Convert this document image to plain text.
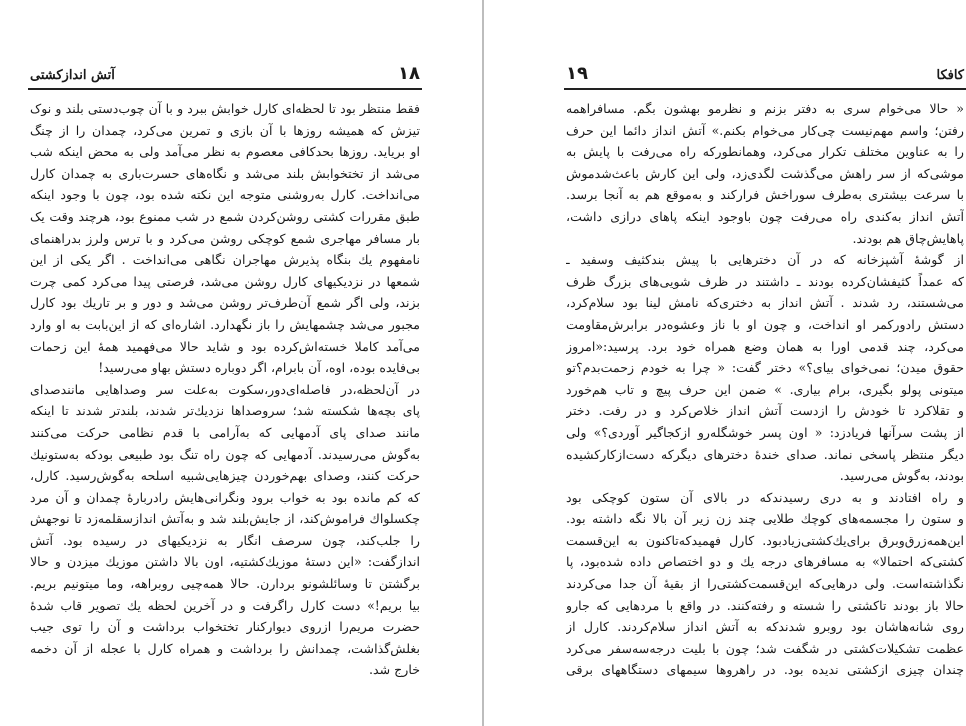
۱۸
آتش اندازکشتی
فقط منتظر بود تا لحظه‌ای کارل خوابش ببرد و با آن چوب‌دستی بلند و نوک
تیزش که همیشه روزها با آن بازی و تمرین می‌کرد، چمدان را از چنگ
او بریاید. روزها بحدکافی معصوم به نظر می‌آمد ولی به محض اینکه شب
می‌شد از تختخوابش بلند می‌شد و نگاه‌های حسرت‌باری به چمدان کارل
می‌انداخت. کارل به‌روشنی متوجه این نکته شده بود، چون با وجود اینکه
طبق مقررات کشتی روشن‌کردن شمع در شب ممنوع بود، هرچند وقت یک
بار مسافر مهاجری شمع کوچکی روشن می‌کرد و با ترس ولرز بدراهنمای
نامفهوم یك بنگاه پذیرش مهاجران نگاهی می‌انداخت . اگر یکی از این
شمعها در نزدیکیهای کارل روشن می‌شد، فرصتی پیدا می‌کرد کمی چرت
بزند، ولی اگر شمع آن‌طرف‌تر روشن می‌شد و دور و بر تاریك بود کارل
مجبور می‌شد چشمهایش را باز نگهدارد. اشاره‌ای که از این‌بابت به او وارد
می‌آمد کاملا خسته‌اش‌کرده بود و شاید حالا می‌فهمید همهٔ این زحمات
بی‌فایده بوده، اوه، آن بابرام، اگر دوباره دستش بهاو می‌رسید!
در آن‌لحظه،در فاصله‌ای‌دور،سکوت به‌علت سر وصداهایی مانند‌صدای
پای بچه‌ها شکسته شد؛ سروصداها نزدیك‌تر شدند، بلندتر شدند تا اینکه
مانند صدای پای آدمهایی که به‌آرامی با قدم نظامی حرکت می‌کنند
به‌گوش می‌رسیدند. آدمهایی که چون راه تنگ بود طبیعی بودکه به‌ستونیك
حرکت کنند، وصدای بهم‌خوردن چیزهایی‌شبیه اسلحه به‌گوش‌رسید. کارل،
که کم مانده بود به خواب برود ونگرانی‌هایش راد‌ربارهٔ چمدان و آن مرد
چکسلواك فراموش‌کند، از جایش‌بلند شد و به‌آتش اندازسقلمه‌زد تا نوجهش
را جلب‌کند، چون سرصف انگار به نزدیکیهای در رسیده بود. آتش‌
اندازگفت: «این دستهٔ موزیك‌کشتیه، اون بالا داشتن موزیك میزدن و حالا
برگشتن تا وسائلشونو بردارن. حالا همه‌چیی روبراهه، وما میتونیم بریم.
بیا بریم!» دست کارل راگرفت و در آخرین لحظه یك تصویر قاب شدهٔ
حضرت مریم‌را ازروی دیوارکنار تختخواب برداشت و آن را توی جیب
بغلش‌گذاشت، چمدانش را برداشت و همراه کارل با عجله از آن دخمه
خارج شد.
کافکا
۱۹
« حالا می‌خوام سری به دفتر بزنم و نظرمو بهشون بگم. مسافراهمه
رفتن؛ واسم مهم‌نیست چی‌کار می‌خوام بکنم.» آتش انداز دائما این حرف
را به عناوین مختلف تکرار می‌کرد، وهمانطورکه راه می‌رفت با پایش به
موشی‌که از سر راهش می‌گذشت لگدی‌زد، ولی این کارش باعث‌شدموش
با سرعت بیشتری به‌طرف سوراخش فرارکند و به‌موقع هم به آنجا برسد.
آتش انداز به‌کندی راه می‌رفت چون باوجود اینکه پاهای درازی داشت،
پاهایش‌چاق هم بودند.
از گوشهٔ آشپزخانه که در آن دخترهایی با پیش بندکثیف وسفید ـ
که عمداً کثیفشان‌کرده بودند ـ داشتند در ظرف شویی‌های بزرگ ظرف
می‌شستند، رد شدند . آتش انداز به دختری‌که نامش لینا بود سلام‌کرد،
دستش رادورکمر او انداخت، و چون او با ناز وعشوه‌در برابرش‌مقاومت
می‌کرد، چند قدمی اورا به همان وضع همراه خود برد. پرسید:«امروز
حقوق میدن؛ نمی‌خوای بیای؟» دختر گفت: « چرا به خودم زحمت‌بدم؟تو
میتونی پولو بگیری، برام بیاری. » ضمن این حرف پیچ و تاب هم‌خورد
و تقلاکرد تا خودش را ازدست آتش انداز خلاص‌کرد و در رفت. دختر
از پشت سرآنها فریادزد: « اون پسر خوشگله‌رو ازکجاگیر آوردی؟» ولی
دیگر منتظر پاسخی نماند. صدای خندهٔ دخترهای دیگرکه دست‌ازکارکشیده
بودند، به‌گوش می‌رسید.
و راه افتادند و به دری رسیدندکه در بالای آن ستون کوچکی بود
و ستون را مجسمه‌های کوچك طلایی چند زن زیر آن بالا نگه داشته بود.
این‌همه‌زرق‌وبرق برای‌یك‌کشتی‌زیاد‌بود. کارل فهمید‌که‌تاکنون به این‌قسمت
کشتی‌که احتمالا» به مسافرهای درجه یك و دو اختصاص داده شده‌بود، پا
نگذاشته‌است. ولی درهایی‌که این‌قسمت‌کشتی‌را از بقیهٔ آن جدا می‌کردند
حالا باز بودند تاکشتی را شسته و رفته‌کنند. در واقع با مردهایی که جارو
روی شانه‌هاشان بود روبرو شدندکه به آتش انداز سلام‌کردند. کارل از
عظمت تشکیلات‌کشتی در شگفت شد؛ چون با بلیت درجه‌سه‌سفر می‌کرد
چندان چیزی ازکشتی ندیده بود. در راهروها سیمهای دستگاههای برقی
